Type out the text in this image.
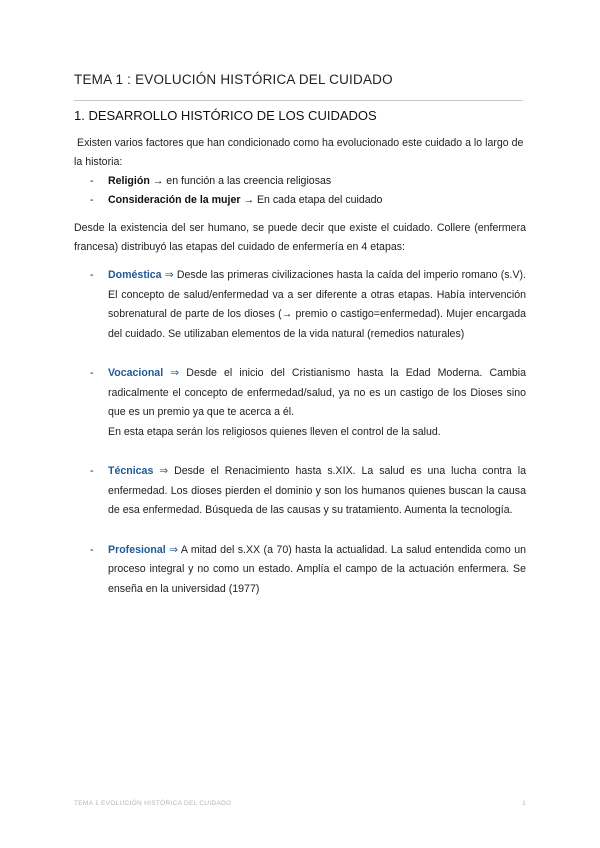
TEMA 1 : EVOLUCIÓN HISTÓRICA DEL CUIDADO
1. DESARROLLO HISTÓRICO DE LOS CUIDADOS
Existen varios factores que han condicionado como ha evolucionado este cuidado a lo largo de la historia:
- Religión → en función a las creencia religiosas
- Consideración de la mujer → En cada etapa del cuidado
Desde la existencia del ser humano, se puede decir que existe el cuidado. Collere (enfermera francesa) distribuyó las etapas del cuidado de enfermería en 4 etapas:
- Doméstica ⇒ Desde las primeras civilizaciones hasta la caída del imperio romano (s.V). El concepto de salud/enfermedad va a ser diferente a otras etapas. Había intervención sobrenatural de parte de los dioses (→ premio o castigo=enfermedad). Mujer encargada del cuidado. Se utilizaban elementos de la vida natural (remedios naturales)
- Vocacional ⇒ Desde el inicio del Cristianismo hasta la Edad Moderna. Cambia radicalmente el concepto de enfermedad/salud, ya no es un castigo de los Dioses sino que es un premio ya que te acerca a él.
En esta etapa serán los religiosos quienes lleven el control de la salud.
- Técnicas ⇒ Desde el Renacimiento hasta s.XIX. La salud es una lucha contra la enfermedad. Los dioses pierden el dominio y son los humanos quienes buscan la causa de esa enfermedad. Búsqueda de las causas y su tratamiento. Aumenta la tecnología.
- Profesional ⇒ A mitad del s.XX (a 70) hasta la actualidad. La salud entendida como un proceso integral y no como un estado. Amplía el campo de la actuación enfermera. Se enseña en la universidad (1977)
TEMA 1 EVOLUCIÓN HISTÓRICA DEL CUIDADO	1
